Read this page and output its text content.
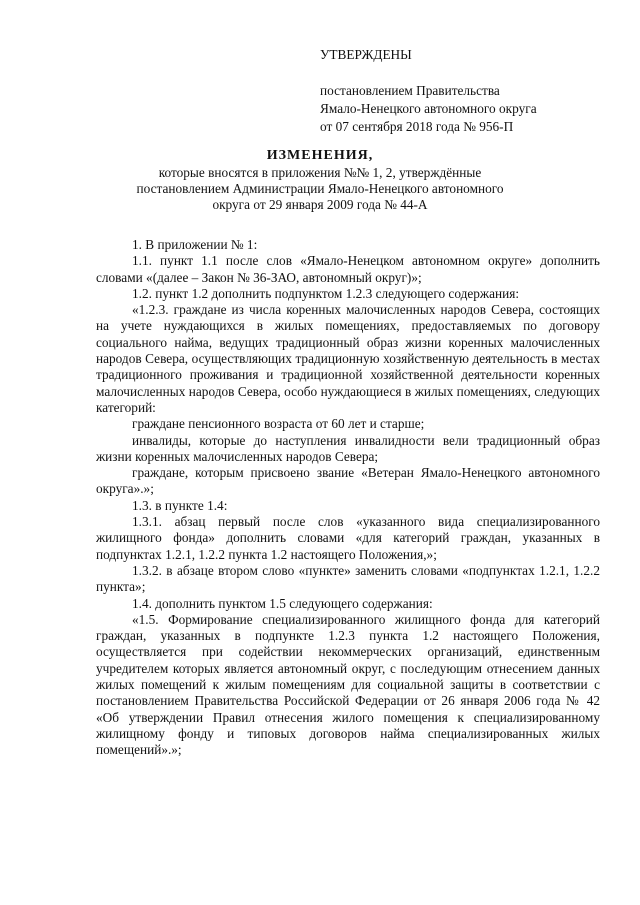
УТВЕРЖДЕНЫ
постановлением Правительства
Ямало-Ненецкого автономного округа
от 07 сентября 2018 года № 956-П
ИЗМЕНЕНИЯ,
которые вносятся в приложения №№ 1, 2, утверждённые
постановлением Администрации Ямало-Ненецкого автономного
округа от 29 января 2009 года № 44-А

1. В приложении № 1:

1.1. пункт 1.1 после слов «Ямало-Ненецком автономном округе» дополнить словами «(далее – Закон № 36-ЗАО, автономный округ)»;

1.2. пункт 1.2 дополнить подпунктом 1.2.3 следующего содержания:

«1.2.3. граждане из числа коренных малочисленных народов Севера, состоящих на учете нуждающихся в жилых помещениях, предоставляемых по договору социального найма, ведущих традиционный образ жизни коренных малочисленных народов Севера, осуществляющих традиционную хозяйственную деятельность в местах традиционного проживания и традиционной хозяйственной деятельности коренных малочисленных народов Севера, особо нуждающиеся в жилых помещениях, следующих категорий:

граждане пенсионного возраста от 60 лет и старше;

инвалиды, которые до наступления инвалидности вели традиционный образ жизни коренных малочисленных народов Севера;

граждане, которым присвоено звание «Ветеран Ямало-Ненецкого автономного округа».»;

1.3. в пункте 1.4:

1.3.1. абзац первый после слов «указанного вида специализированного жилищного фонда» дополнить словами «для категорий граждан, указанных в подпунктах 1.2.1, 1.2.2 пункта 1.2 настоящего Положения,»;

1.3.2. в абзаце втором слово «пункте» заменить словами «подпунктах 1.2.1, 1.2.2 пункта»;

1.4. дополнить пунктом 1.5 следующего содержания:

«1.5. Формирование специализированного жилищного фонда для категорий граждан, указанных в подпункте 1.2.3 пункта 1.2 настоящего Положения, осуществляется при содействии некоммерческих организаций, единственным учредителем которых является автономный округ, с последующим отнесением данных жилых помещений к жилым помещениям для социальной защиты в соответствии с постановлением Правительства Российской Федерации от 26 января 2006 года № 42 «Об утверждении Правил отнесения жилого помещения к специализированному жилищному фонду и типовых договоров найма специализированных жилых помещений».»;
